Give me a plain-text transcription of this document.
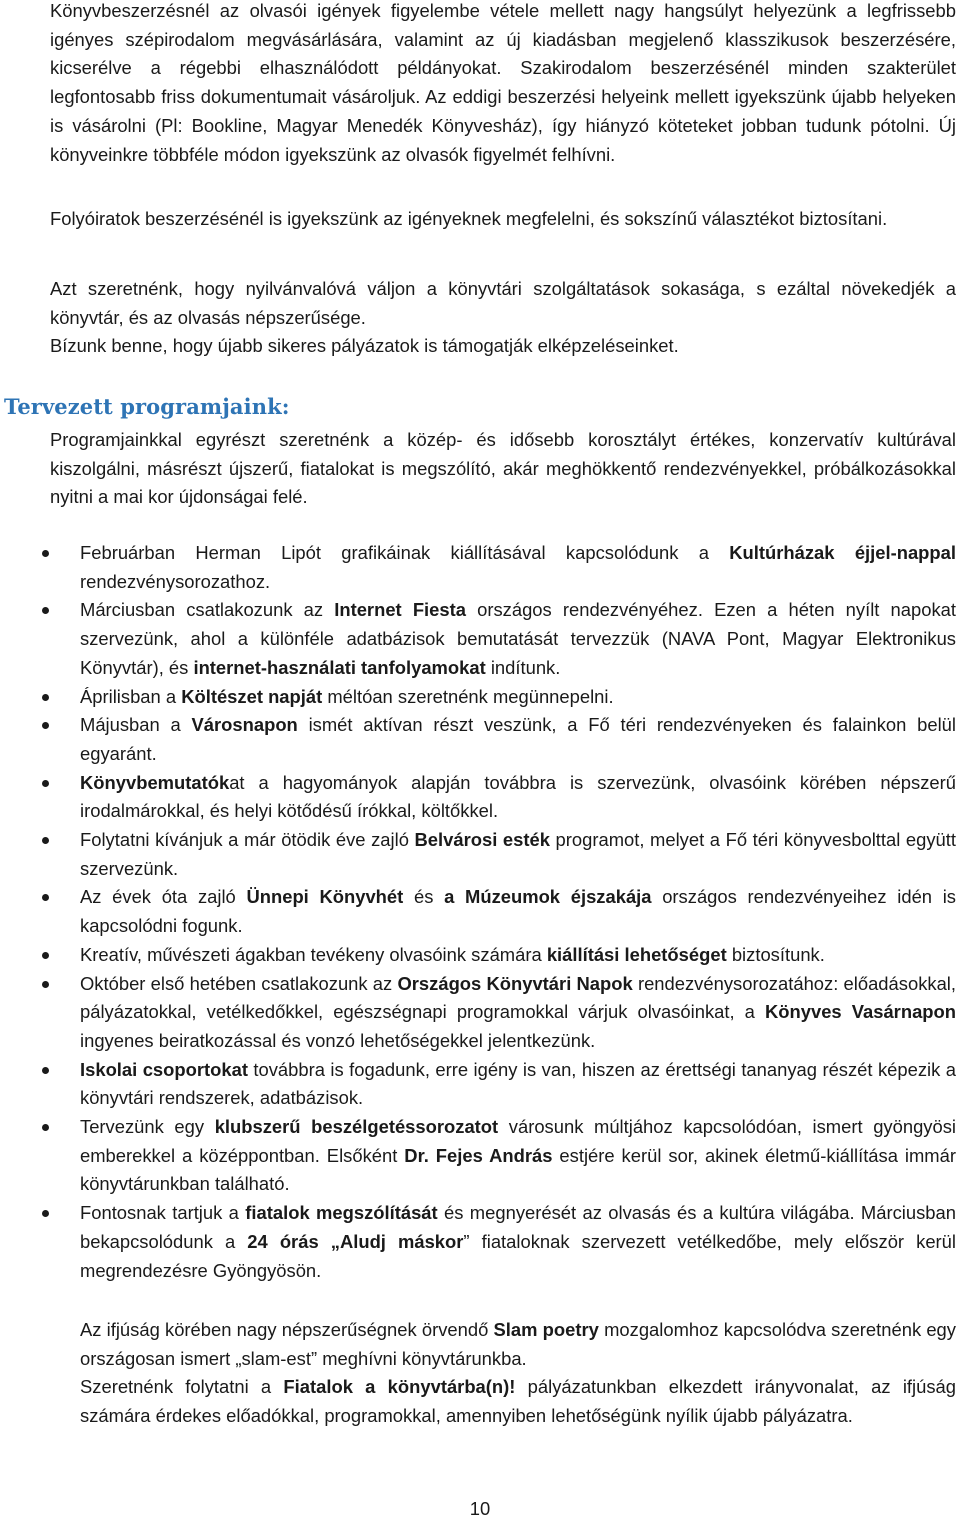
Könyvbeszerzésnél az olvasói igények figyelembe vétele mellett nagy hangsúlyt helyezünk a legfrissebb igényes szépirodalom megvásárlására, valamint az új kiadásban megjelenő klasszikusok beszerzésére, kicserélve a régebbi elhasználódott példányokat. Szakirodalom beszerzésénél minden szakterület legfontosabb friss dokumentumait vásároljuk. Az eddigi beszerzési helyeink mellett igyekszünk újabb helyeken is vásárolni (Pl: Bookline, Magyar Menedék Könyvesház), így hiányzó köteteket jobban tudunk pótolni. Új könyveinkre többféle módon igyekszünk az olvasók figyelmét felhívni.

Folyóiratok beszerzésénél is igyekszünk az igényeknek megfelelni, és sokszínű választékot biztosítani.

Azt szeretnénk, hogy nyilvánvalóvá váljon a könyvtári szolgáltatások sokasága, s ezáltal növekedjék a könyvtár, és az olvasás népszerűsége.

Bízunk benne, hogy újabb sikeres pályázatok is támogatják elképzeléseinket.

Tervezett programjaink:

Programjainkkal egyrészt szeretnénk a közép- és idősebb korosztályt értékes, konzervatív kultúrával kiszolgálni, másrészt újszerű, fiatalokat is megszólító, akár meghökkentő rendezvényekkel, próbálkozásokkal nyitni a mai kor újdonságai felé.

Februárban Herman Lipót grafikáinak kiállításával kapcsolódunk a Kultúrházak éjjel-nappal rendezvénysorozathoz.
Márciusban csatlakozunk az Internet Fiesta országos rendezvényéhez. Ezen a héten nyílt napokat szervezünk, ahol a különféle adatbázisok bemutatását tervezzük (NAVA Pont, Magyar Elektronikus Könyvtár), és internet-használati tanfolyamokat indítunk.
Áprilisban a Költészet napját méltóan szeretnénk megünnepelni.
Májusban a Városnapon ismét aktívan részt veszünk, a Fő téri rendezvényeken és falainkon belül egyaránt.
Könyvbemutatókat a hagyományok alapján továbbra is szervezünk, olvasóink körében népszerű irodalmárokkal, és helyi kötődésű írókkal, költőkkel.
Folytatni kívánjuk a már ötödik éve zajló Belvárosi esték programot, melyet a Fő téri könyvesbolttal együtt szervezünk.
Az évek óta zajló Ünnepi Könyvhét és a Múzeumok éjszakája országos rendezvényeihez idén is kapcsolódni fogunk.
Kreatív, művészeti ágakban tevékeny olvasóink számára kiállítási lehetőséget biztosítunk.
Október első hetében csatlakozunk az Országos Könyvtári Napok rendezvénysorozatához: előadásokkal, pályázatokkal, vetélkedőkkel, egészségnapi programokkal várjuk olvasóinkat, a Könyves Vasárnapon ingyenes beiratkozással és vonzó lehetőségekkel jelentkezünk.
Iskolai csoportokat továbbra is fogadunk, erre igény is van, hiszen az érettségi tananyag részét képezik a könyvtári rendszerek, adatbázisok.
Tervezünk egy klubszerű beszélgetéssorozatot városunk múltjához kapcsolódóan, ismert gyöngyösi emberekkel a középpontban. Elsőként Dr. Fejes András estjére kerül sor, akinek életmű-kiállítása immár könyvtárunkban található.
Fontosnak tartjuk a fiatalok megszólítását és megnyerését az olvasás és a kultúra világába. Márciusban bekapcsolódunk a 24 órás „Aludj máskor” fiataloknak szervezett vetélkedőbe, mely először kerül megrendezésre Gyöngyösön.

Az ifjúság körében nagy népszerűségnek örvendő Slam poetry mozgalomhoz kapcsolódva szeretnénk egy országosan ismert „slam-est” meghívni könyvtárunkba.

Szeretnénk folytatni a Fiatalok a könyvtárba(n)! pályázatunkban elkezdett irányvonalat, az ifjúság számára érdekes előadókkal, programokkal, amennyiben lehetőségünk nyílik újabb pályázatra.

10
